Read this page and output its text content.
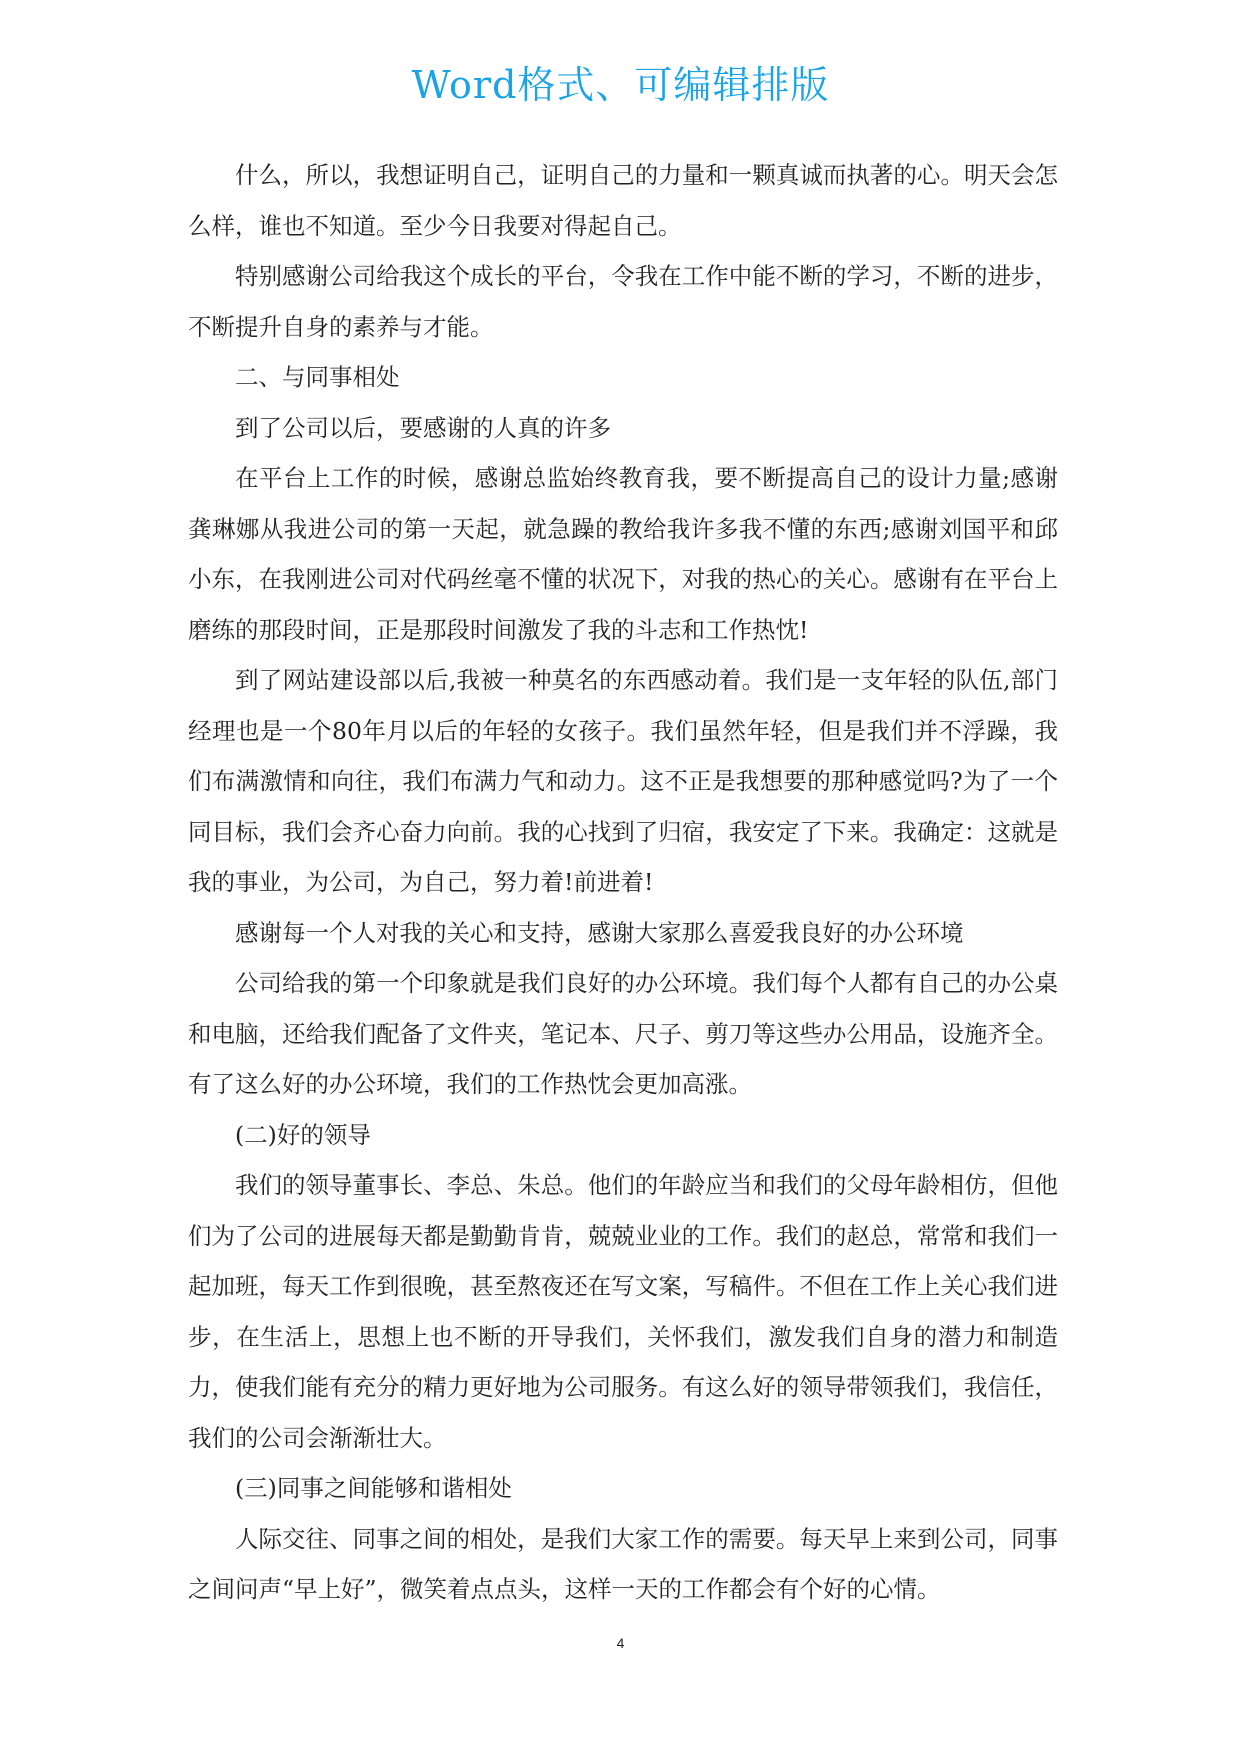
Word格式、可编辑排版

什么，所以，我想证明自己，证明自己的力量和一颗真诚而执著的心。明天会怎么样，谁也不知道。至少今日我要对得起自己。

特别感谢公司给我这个成长的平台，令我在工作中能不断的学习，不断的进步，不断提升自身的素养与才能。

二、与同事相处

到了公司以后，要感谢的人真的许多

在平台上工作的时候，感谢总监始终教育我，要不断提高自己的设计力量;感谢龚琳娜从我进公司的第一天起，就急躁的教给我许多我不懂的东西;感谢刘国平和邱小东，在我刚进公司对代码丝毫不懂的状况下，对我的热心的关心。感谢有在平台上磨练的那段时间，正是那段时间激发了我的斗志和工作热忱!

到了网站建设部以后,我被一种莫名的东西感动着。我们是一支年轻的队伍,部门经理也是一个80年月以后的年轻的女孩子。我们虽然年轻，但是我们并不浮躁，我们布满激情和向往，我们布满力气和动力。这不正是我想要的那种感觉吗?为了一个同目标，我们会齐心奋力向前。我的心找到了归宿，我安定了下来。我确定：这就是我的事业，为公司，为自己，努力着!前进着!

感谢每一个人对我的关心和支持，感谢大家那么喜爱我良好的办公环境

公司给我的第一个印象就是我们良好的办公环境。我们每个人都有自己的办公桌和电脑，还给我们配备了文件夹，笔记本、尺子、剪刀等这些办公用品，设施齐全。有了这么好的办公环境，我们的工作热忱会更加高涨。

(二)好的领导

我们的领导董事长、李总、朱总。他们的年龄应当和我们的父母年龄相仿，但他们为了公司的进展每天都是勤勤肯肯，兢兢业业的工作。我们的赵总，常常和我们一起加班，每天工作到很晚，甚至熬夜还在写文案，写稿件。不但在工作上关心我们进步，在生活上，思想上也不断的开导我们，关怀我们，激发我们自身的潜力和制造力，使我们能有充分的精力更好地为公司服务。有这么好的领导带领我们，我信任，我们的公司会渐渐壮大。

(三)同事之间能够和谐相处

人际交往、同事之间的相处，是我们大家工作的需要。每天早上来到公司，同事之间问声“早上好”，微笑着点点头，这样一天的工作都会有个好的心情。

4
